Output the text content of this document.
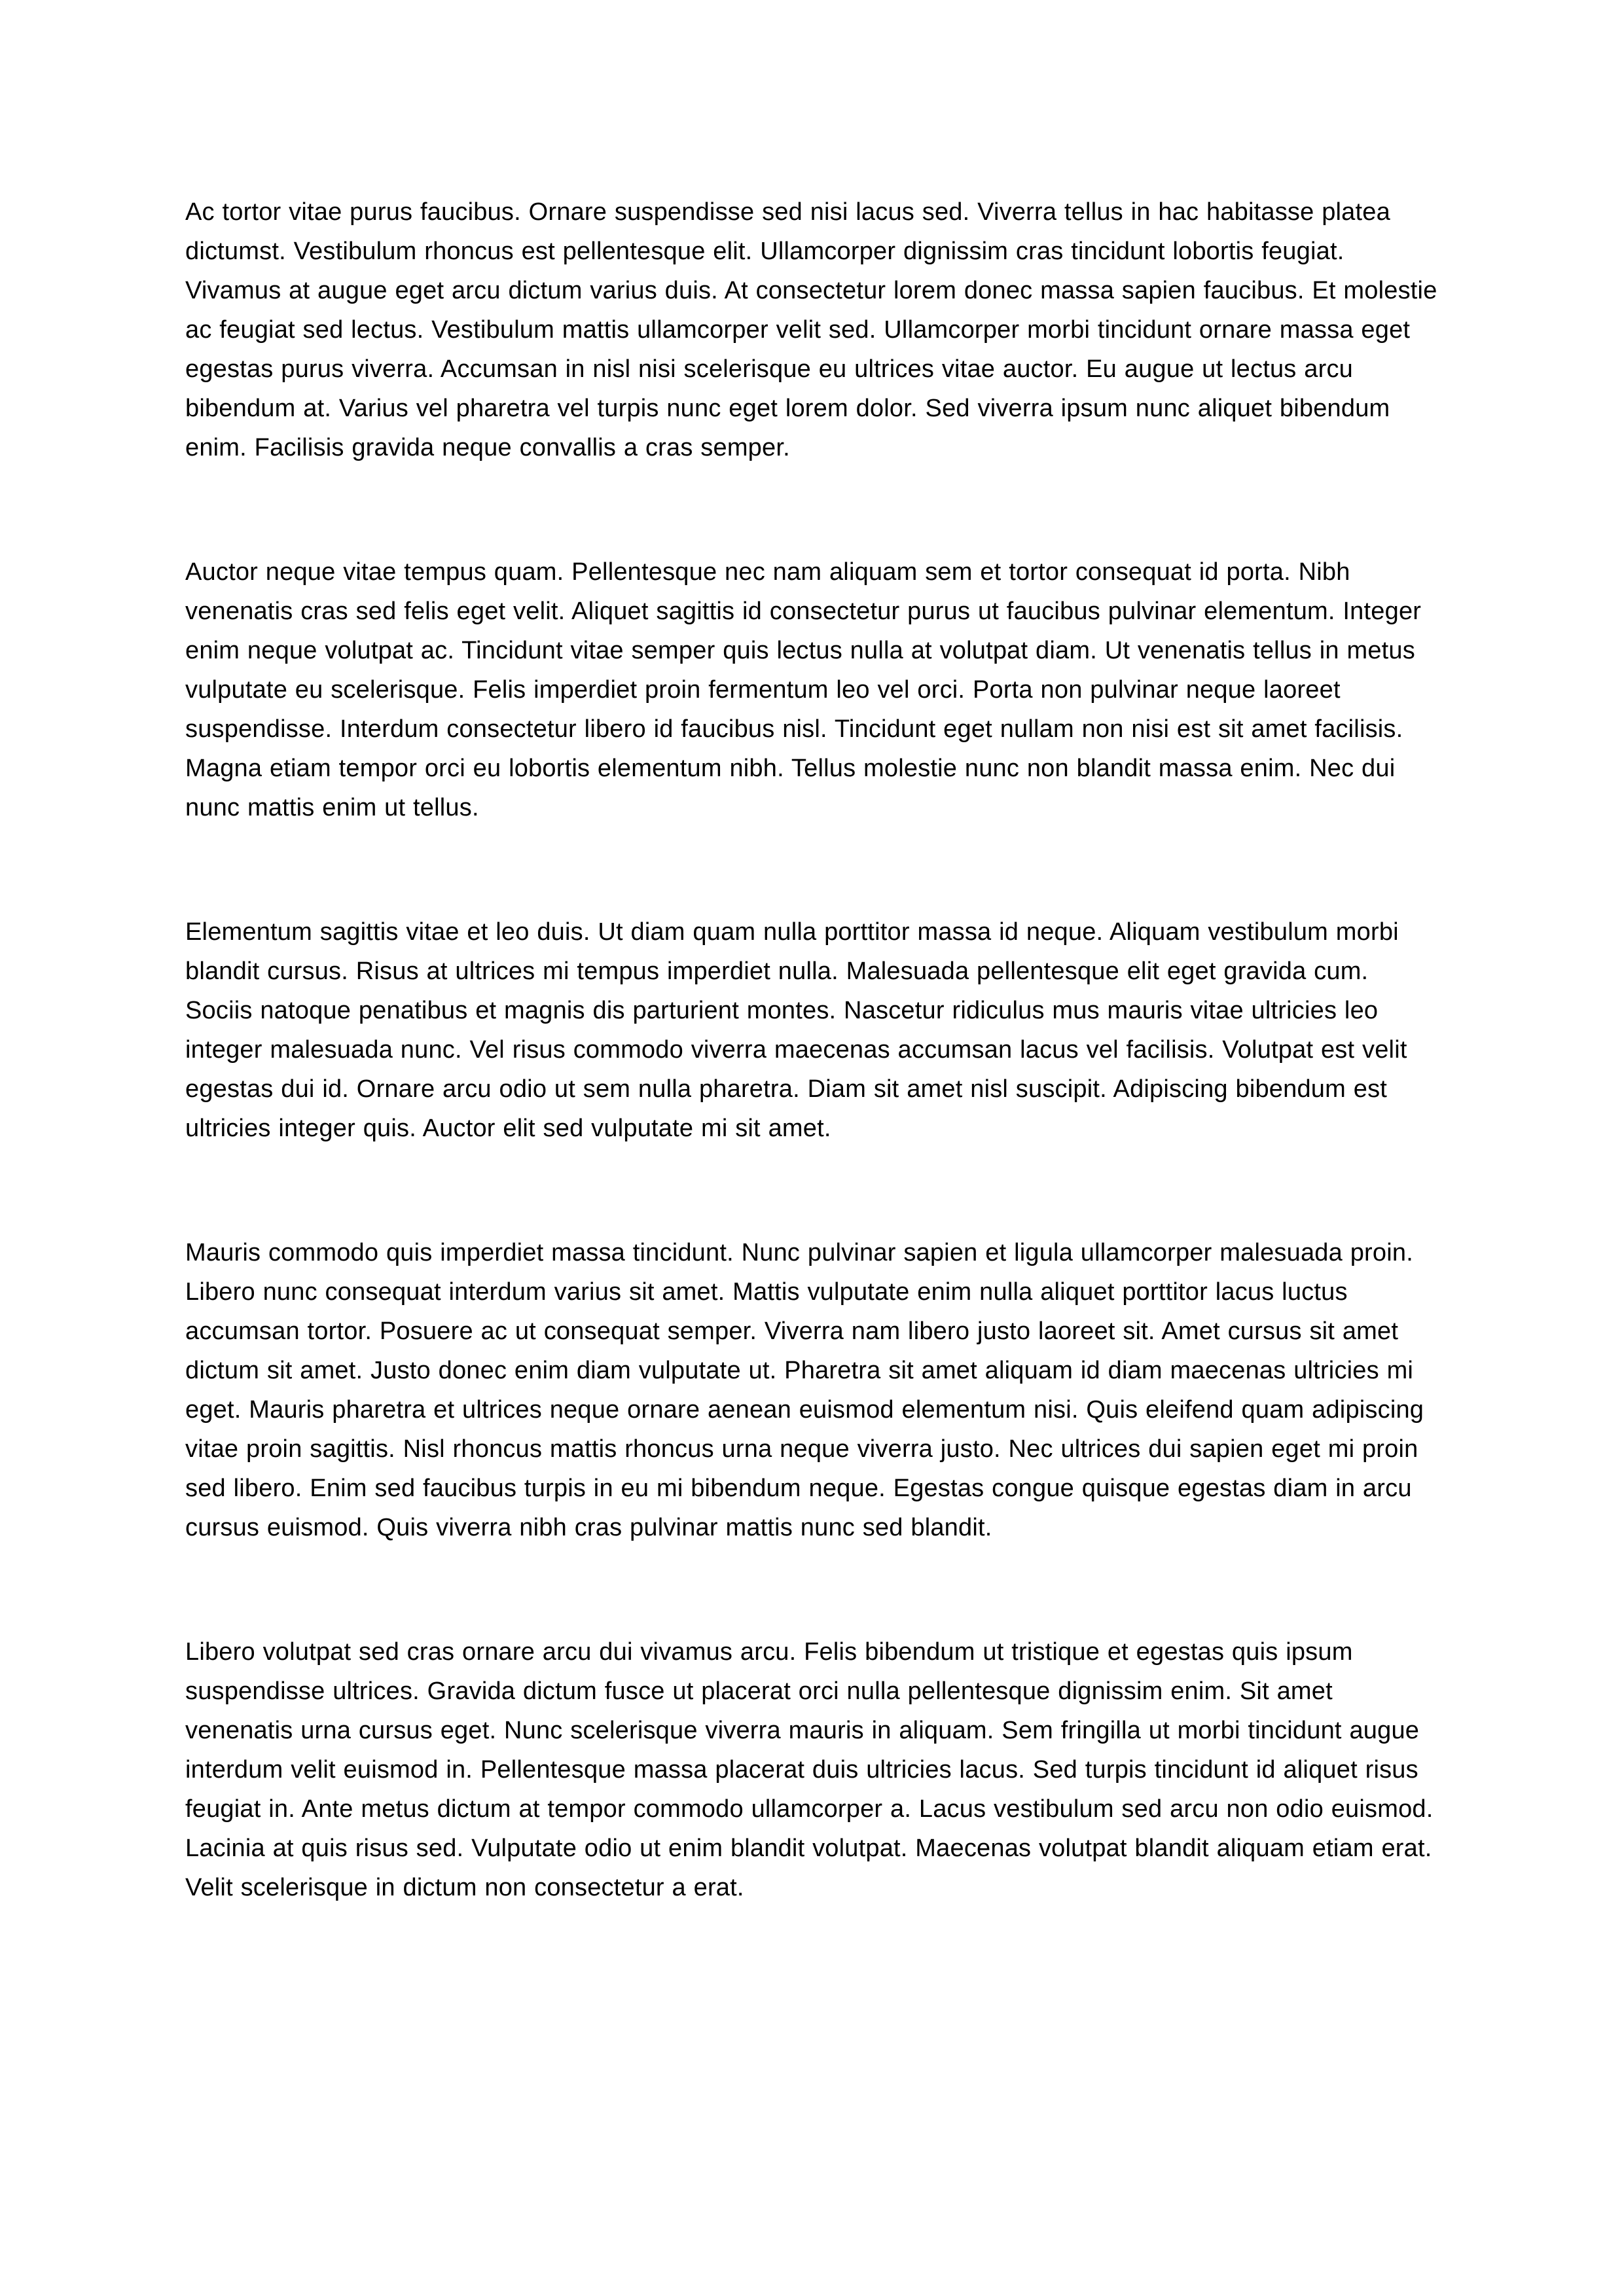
Ac tortor vitae purus faucibus. Ornare suspendisse sed nisi lacus sed. Viverra tellus in hac habitasse platea dictumst. Vestibulum rhoncus est pellentesque elit. Ullamcorper dignissim cras tincidunt lobortis feugiat. Vivamus at augue eget arcu dictum varius duis. At consectetur lorem donec massa sapien faucibus. Et molestie ac feugiat sed lectus. Vestibulum mattis ullamcorper velit sed. Ullamcorper morbi tincidunt ornare massa eget egestas purus viverra. Accumsan in nisl nisi scelerisque eu ultrices vitae auctor. Eu augue ut lectus arcu bibendum at. Varius vel pharetra vel turpis nunc eget lorem dolor. Sed viverra ipsum nunc aliquet bibendum enim. Facilisis gravida neque convallis a cras semper.

Auctor neque vitae tempus quam. Pellentesque nec nam aliquam sem et tortor consequat id porta. Nibh venenatis cras sed felis eget velit. Aliquet sagittis id consectetur purus ut faucibus pulvinar elementum. Integer enim neque volutpat ac. Tincidunt vitae semper quis lectus nulla at volutpat diam. Ut venenatis tellus in metus vulputate eu scelerisque. Felis imperdiet proin fermentum leo vel orci. Porta non pulvinar neque laoreet suspendisse. Interdum consectetur libero id faucibus nisl. Tincidunt eget nullam non nisi est sit amet facilisis. Magna etiam tempor orci eu lobortis elementum nibh. Tellus molestie nunc non blandit massa enim. Nec dui nunc mattis enim ut tellus.

Elementum sagittis vitae et leo duis. Ut diam quam nulla porttitor massa id neque. Aliquam vestibulum morbi blandit cursus. Risus at ultrices mi tempus imperdiet nulla. Malesuada pellentesque elit eget gravida cum. Sociis natoque penatibus et magnis dis parturient montes. Nascetur ridiculus mus mauris vitae ultricies leo integer malesuada nunc. Vel risus commodo viverra maecenas accumsan lacus vel facilisis. Volutpat est velit egestas dui id. Ornare arcu odio ut sem nulla pharetra. Diam sit amet nisl suscipit. Adipiscing bibendum est ultricies integer quis. Auctor elit sed vulputate mi sit amet.

Mauris commodo quis imperdiet massa tincidunt. Nunc pulvinar sapien et ligula ullamcorper malesuada proin. Libero nunc consequat interdum varius sit amet. Mattis vulputate enim nulla aliquet porttitor lacus luctus accumsan tortor. Posuere ac ut consequat semper. Viverra nam libero justo laoreet sit. Amet cursus sit amet dictum sit amet. Justo donec enim diam vulputate ut. Pharetra sit amet aliquam id diam maecenas ultricies mi eget. Mauris pharetra et ultrices neque ornare aenean euismod elementum nisi. Quis eleifend quam adipiscing vitae proin sagittis. Nisl rhoncus mattis rhoncus urna neque viverra justo. Nec ultrices dui sapien eget mi proin sed libero. Enim sed faucibus turpis in eu mi bibendum neque. Egestas congue quisque egestas diam in arcu cursus euismod. Quis viverra nibh cras pulvinar mattis nunc sed blandit.

Libero volutpat sed cras ornare arcu dui vivamus arcu. Felis bibendum ut tristique et egestas quis ipsum suspendisse ultrices. Gravida dictum fusce ut placerat orci nulla pellentesque dignissim enim. Sit amet venenatis urna cursus eget. Nunc scelerisque viverra mauris in aliquam. Sem fringilla ut morbi tincidunt augue interdum velit euismod in. Pellentesque massa placerat duis ultricies lacus. Sed turpis tincidunt id aliquet risus feugiat in. Ante metus dictum at tempor commodo ullamcorper a. Lacus vestibulum sed arcu non odio euismod. Lacinia at quis risus sed. Vulputate odio ut enim blandit volutpat. Maecenas volutpat blandit aliquam etiam erat. Velit scelerisque in dictum non consectetur a erat.
